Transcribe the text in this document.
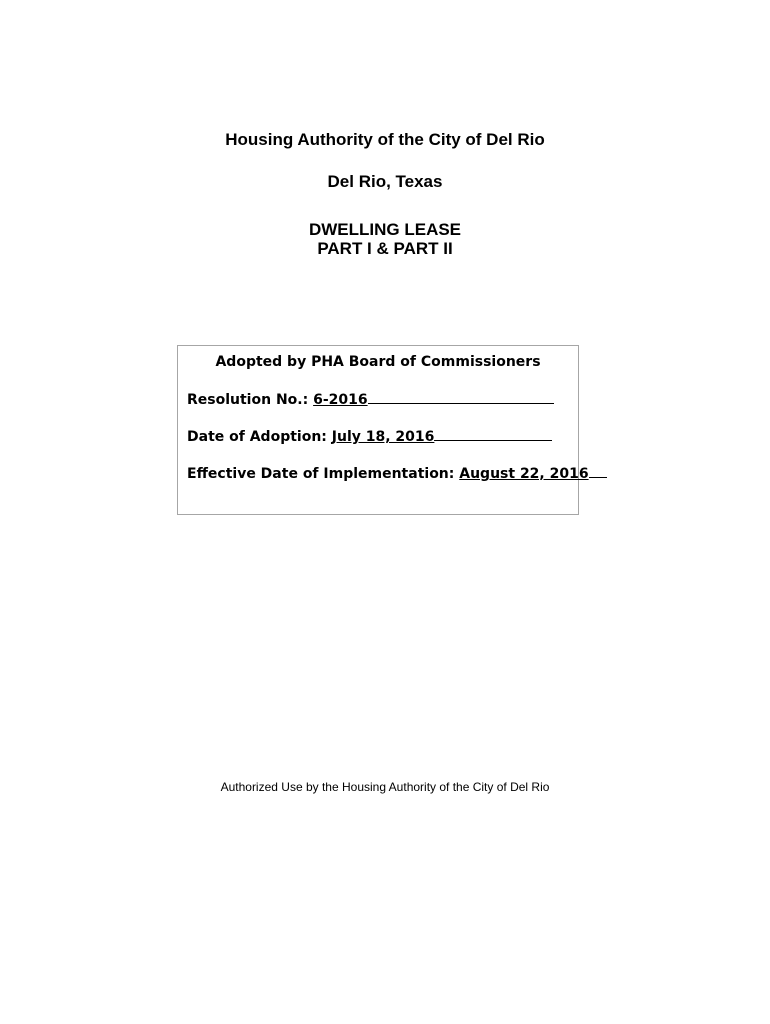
Housing Authority of the City of Del Rio
Del Rio, Texas
DWELLING LEASE
PART I & PART II
Adopted by PHA Board of Commissioners
Resolution No.: 6-2016
Date of Adoption: July 18, 2016
Effective Date of Implementation: August 22, 2016
Authorized Use by the Housing Authority of the City of Del Rio
